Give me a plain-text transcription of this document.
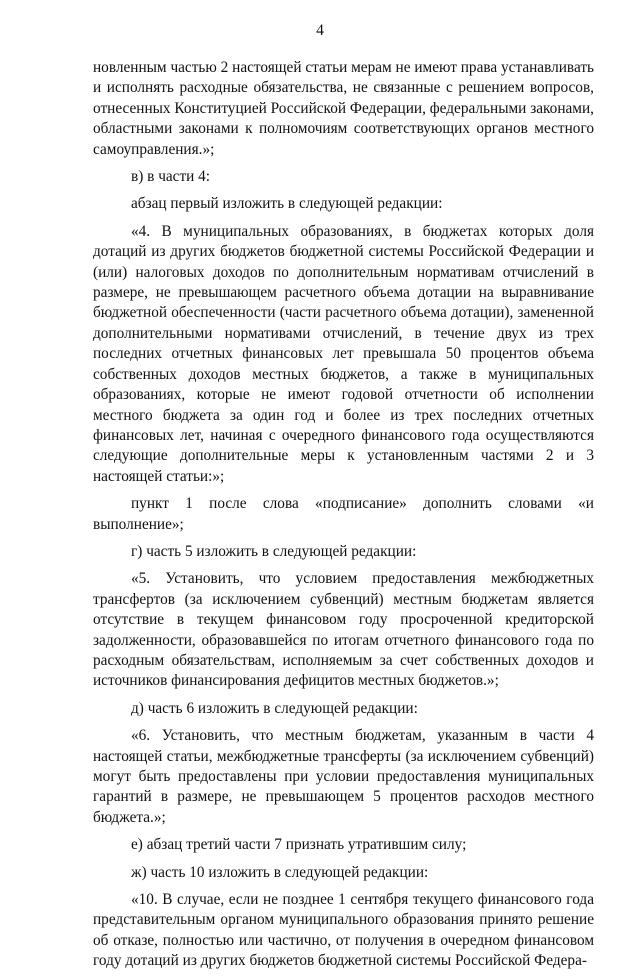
4

новленным частью 2 настоящей статьи мерам не имеют права устанавливать и исполнять расходные обязательства, не связанные с решением вопросов, отнесенных Конституцией Российской Федерации, федеральными законами, областными законами к полномочиям соответствующих органов местного самоуправления.»;

в) в части 4:

абзац первый изложить в следующей редакции:

«4. В муниципальных образованиях, в бюджетах которых доля дотаций из других бюджетов бюджетной системы Российской Федерации и (или) налоговых доходов по дополнительным нормативам отчислений в размере, не превышающем расчетного объема дотации на выравнивание бюджетной обеспеченности (части расчетного объема дотации), замененной дополнительными нормативами отчислений, в течение двух из трех последних отчетных финансовых лет превышала 50 процентов объема собственных доходов местных бюджетов, а также в муниципальных образованиях, которые не имеют годовой отчетности об исполнении местного бюджета за один год и более из трех последних отчетных финансовых лет, начиная с очередного финансового года осуществляются следующие дополнительные меры к установленным частями 2 и 3 настоящей статьи:»;

пункт 1 после слова «подписание» дополнить словами «и выполнение»;

г) часть 5 изложить в следующей редакции:

«5. Установить, что условием предоставления межбюджетных трансфертов (за исключением субвенций) местным бюджетам является отсутствие в текущем финансовом году просроченной кредиторской задолженности, образовавшейся по итогам отчетного финансового года по расходным обязательствам, исполняемым за счет собственных доходов и источников финансирования дефицитов местных бюджетов.»;

д) часть 6 изложить в следующей редакции:

«6. Установить, что местным бюджетам, указанным в части 4 настоящей статьи, межбюджетные трансферты (за исключением субвенций) могут быть предоставлены при условии предоставления муниципальных гарантий в размере, не превышающем 5 процентов расходов местного бюджета.»;

е) абзац третий части 7 признать утратившим силу;

ж) часть 10 изложить в следующей редакции:

«10. В случае, если не позднее 1 сентября текущего финансового года представительным органом муниципального образования принято решение об отказе, полностью или частично, от получения в очередном финансовом году дотаций из других бюджетов бюджетной системы Российской Федера-
